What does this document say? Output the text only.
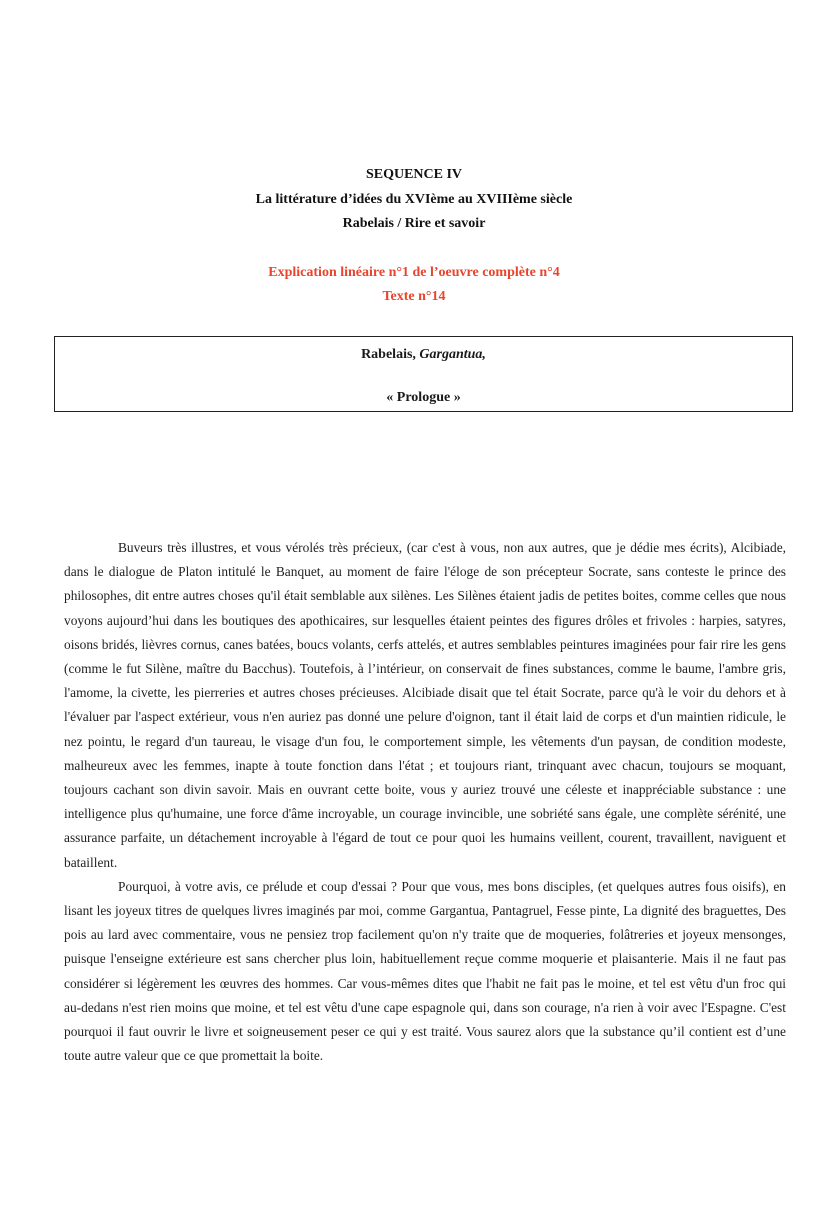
SEQUENCE IV
La littérature d’idées du XVIème au XVIIIème siècle
Rabelais / Rire et savoir
Explication linéaire n°1 de l’oeuvre complète n°4
Texte n°14
Rabelais, Gargantua,
« Prologue »

Buveurs très illustres, et vous vérolés très précieux, (car c'est à vous, non aux autres, que je dédie mes écrits), Alcibiade, dans le dialogue de Platon intitulé le Banquet, au moment de faire l'éloge de son précepteur Socrate, sans conteste le prince des philosophes, dit entre autres choses qu'il était semblable aux silènes. Les Silènes étaient jadis de petites boites, comme celles que nous voyons aujourd’hui dans les boutiques des apothicaires, sur lesquelles étaient peintes des figures drôles et frivoles : harpies, satyres, oisons bridés, lièvres cornus, canes batées, boucs volants, cerfs attelés, et autres semblables peintures imaginées pour fair rire les gens (comme le fut Silène, maître du Bacchus). Toutefois, à l’intérieur, on conservait de fines substances, comme le baume, l'ambre gris, l'amome, la civette, les pierreries et autres choses précieuses. Alcibiade disait que tel était Socrate, parce qu'à le voir du dehors et à l'évaluer par l'aspect extérieur, vous n'en auriez pas donné une pelure d'oignon, tant il était laid de corps et d'un maintien ridicule, le nez pointu, le regard d'un taureau, le visage d'un fou, le comportement simple, les vêtements d'un paysan, de condition modeste, malheureux avec les femmes, inapte à toute fonction dans l'état ; et toujours riant, trinquant avec chacun, toujours se moquant, toujours cachant son divin savoir. Mais en ouvrant cette boite, vous y auriez trouvé une céleste et inappréciable substance : une intelligence plus qu'humaine, une force d'âme incroyable, un courage invincible, une sobriété sans égale, une complète sérénité, une assurance parfaite, un détachement incroyable à l'égard de tout ce pour quoi les humains veillent, courent, travaillent, naviguent et bataillent.

Pourquoi, à votre avis, ce prélude et coup d'essai ? Pour que vous, mes bons disciples, (et quelques autres fous oisifs), en lisant les joyeux titres de quelques livres imaginés par moi, comme Gargantua, Pantagruel, Fesse pinte, La dignité des braguettes, Des pois au lard avec commentaire, vous ne pensiez trop facilement qu'on n'y traite que de moqueries, folâtreries et joyeux mensonges, puisque l'enseigne extérieure est sans chercher plus loin, habituellement reçue comme moquerie et plaisanterie. Mais il ne faut pas considérer si légèrement les œuvres des hommes. Car vous-mêmes dites que l'habit ne fait pas le moine, et tel est vêtu d'un froc qui au-dedans n'est rien moins que moine, et tel est vêtu d'une cape espagnole qui, dans son courage, n'a rien à voir avec l'Espagne. C'est pourquoi il faut ouvrir le livre et soigneusement peser ce qui y est traité. Vous saurez alors que la substance qu’il contient est d’une toute autre valeur que ce que promettait la boite.
